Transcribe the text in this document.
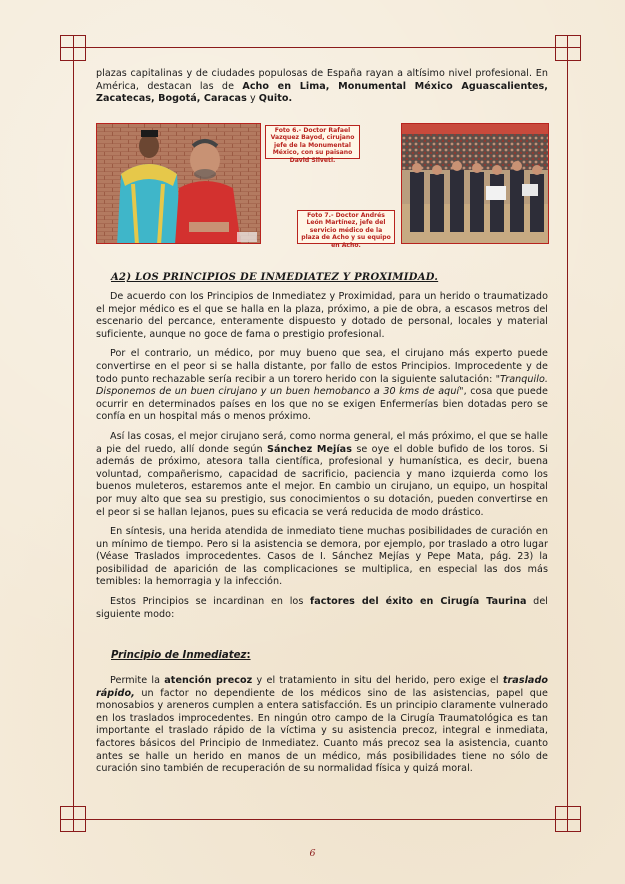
plazas capitalinas y de ciudades populosas de España rayan a altísimo nivel profesional. En América, destacan las de Acho en Lima, Monumental México Aguascalientes, Zacatecas, Bogotá, Caracas y Quito.

Foto 6.- Doctor Rafael Vazquez Bayod, cirujano jefe de la Monumental México, con su paisano David Silveti.
Foto 7.- Doctor Andrés León Martínez, jefe del servicio médico de la plaza de Acho y su equipo en Acho.
A2) LOS PRINCIPIOS DE INMEDIATEZ Y PROXIMIDAD.

De acuerdo con los Principios de Inmediatez y Proximidad, para un herido o traumatizado el mejor médico es el que se halla en la plaza, próximo, a pie de obra, a escasos metros del escenario del percance, enteramente dispuesto y dotado de personal, locales y material suficiente, aunque no goce de fama o prestigio profesional.

Por el contrario, un médico, por muy bueno que sea, el cirujano más experto puede convertirse en el peor si se halla distante, por fallo de estos Principios. Improcedente y de todo punto rechazable sería recibir a un torero herido con la siguiente salutación: "Tranquilo. Disponemos de un buen cirujano y un buen hemobanco a 30 kms de aquí", cosa que puede ocurrir en determinados países en los que no se exigen Enfermerías bien dotadas pero se confía en un hospital más o menos próximo.

Así las cosas, el mejor cirujano será, como norma general, el más próximo, el que se halle a pie del ruedo, allí donde según Sánchez Mejías se oye el doble bufido de los toros. Si además de próximo, atesora talla científica, profesional y humanística, es decir, buena voluntad, compañerismo, capacidad de sacrificio, paciencia y mano izquierda como los buenos muleteros, estaremos ante el mejor. En cambio un cirujano, un equipo, un hospital por muy alto que sea su prestigio, sus conocimientos o su dotación, pueden convertirse en el peor si se hallan lejanos, pues su eficacia se verá reducida de modo drástico.

En síntesis, una herida atendida de inmediato tiene muchas posibilidades de curación en un mínimo de tiempo. Pero si la asistencia se demora, por ejemplo, por traslado a otro lugar (Véase Traslados improcedentes. Casos de I. Sánchez Mejías y Pepe Mata, pág. 23) la posibilidad de aparición de las complicaciones se multiplica, en especial las dos más temibles: la hemorragia y la infección.

Estos Principios se incardinan en los factores del éxito en Cirugía Taurina del siguiente modo:

Principio de Inmediatez:

Permite la atención precoz y el tratamiento in situ del herido, pero exige el traslado rápido, un factor no dependiente de los médicos sino de las asistencias, papel que monosabios y areneros cumplen a entera satisfacción. Es un principio claramente vulnerado en los traslados improcedentes. En ningún otro campo de la Cirugía Traumatológica es tan importante el traslado rápido de la víctima y su asistencia precoz, integral e inmediata, factores básicos del Principio de Inmediatez. Cuanto más precoz sea la asistencia, cuanto antes se halle un herido en manos de un médico, más posibilidades tiene no sólo de curación sino también de recuperación de su normalidad física y quizá moral.

6
